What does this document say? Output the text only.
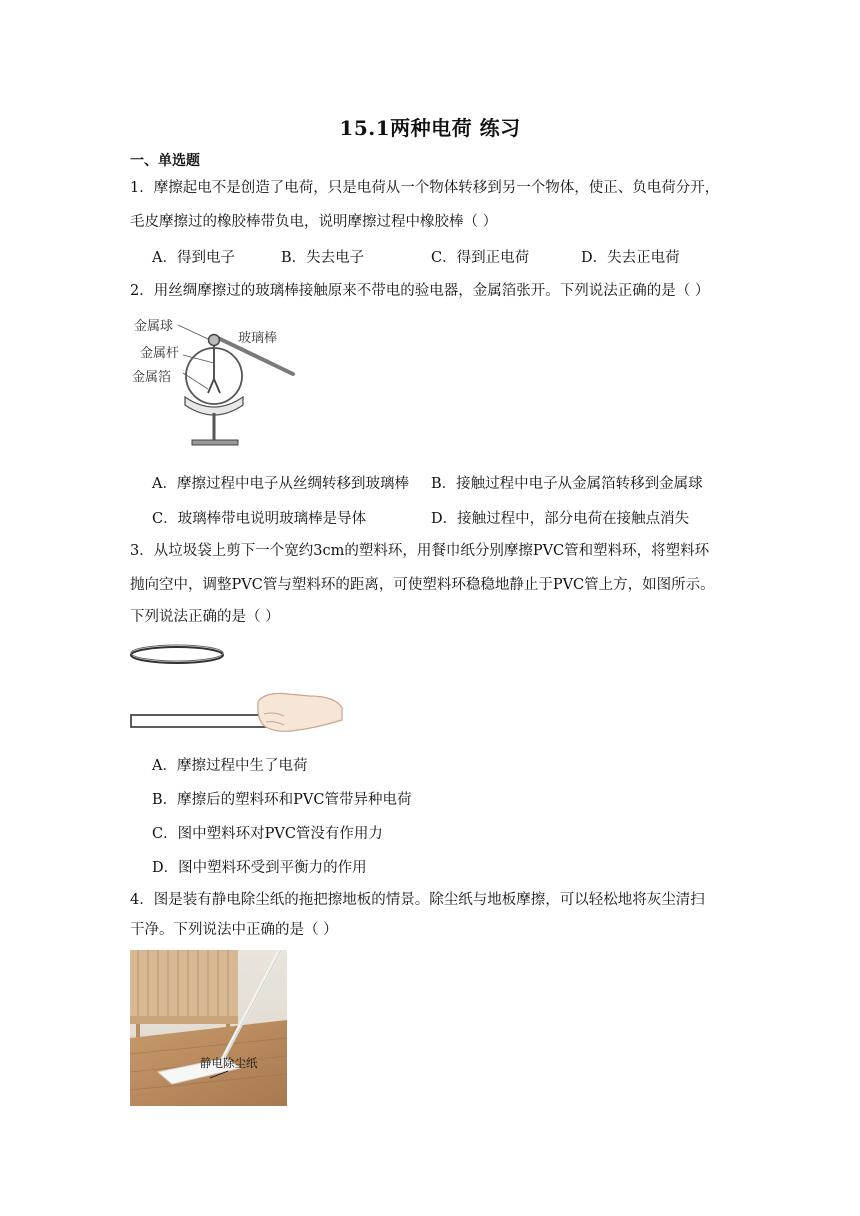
15.1两种电荷 练习
一、单选题
1．摩擦起电不是创造了电荷，只是电荷从一个物体转移到另一个物体，使正、负电荷分开，
毛皮摩擦过的橡胶棒带负电，说明摩擦过程中橡胶棒（ ）
A．得到电子	B．失去电子	C．得到正电荷	D．失去正电荷
2．用丝绸摩擦过的玻璃棒接触原来不带电的验电器，金属箔张开。下列说法正确的是（ ）
金属球
金属杆
金属箔
玻璃棒
A．摩擦过程中电子从丝绸转移到玻璃棒 B．接触过程中电子从金属箔转移到金属球
C．玻璃棒带电说明玻璃棒是导体	D．接触过程中，部分电荷在接触点消失
3．从垃圾袋上剪下一个宽约3cm的塑料环，用餐巾纸分别摩擦PVC管和塑料环，将塑料环
抛向空中，调整PVC管与塑料环的距离，可使塑料环稳稳地静止于PVC管上方，如图所示。
下列说法正确的是（ ）
A．摩擦过程中生了电荷
B．摩擦后的塑料环和PVC管带异种电荷
C．图中塑料环对PVC管没有作用力
D．图中塑料环受到平衡力的作用
4．图是装有静电除尘纸的拖把擦地板的情景。除尘纸与地板摩擦，可以轻松地将灰尘清扫
干净。下列说法中正确的是（ ）
静电除尘纸
